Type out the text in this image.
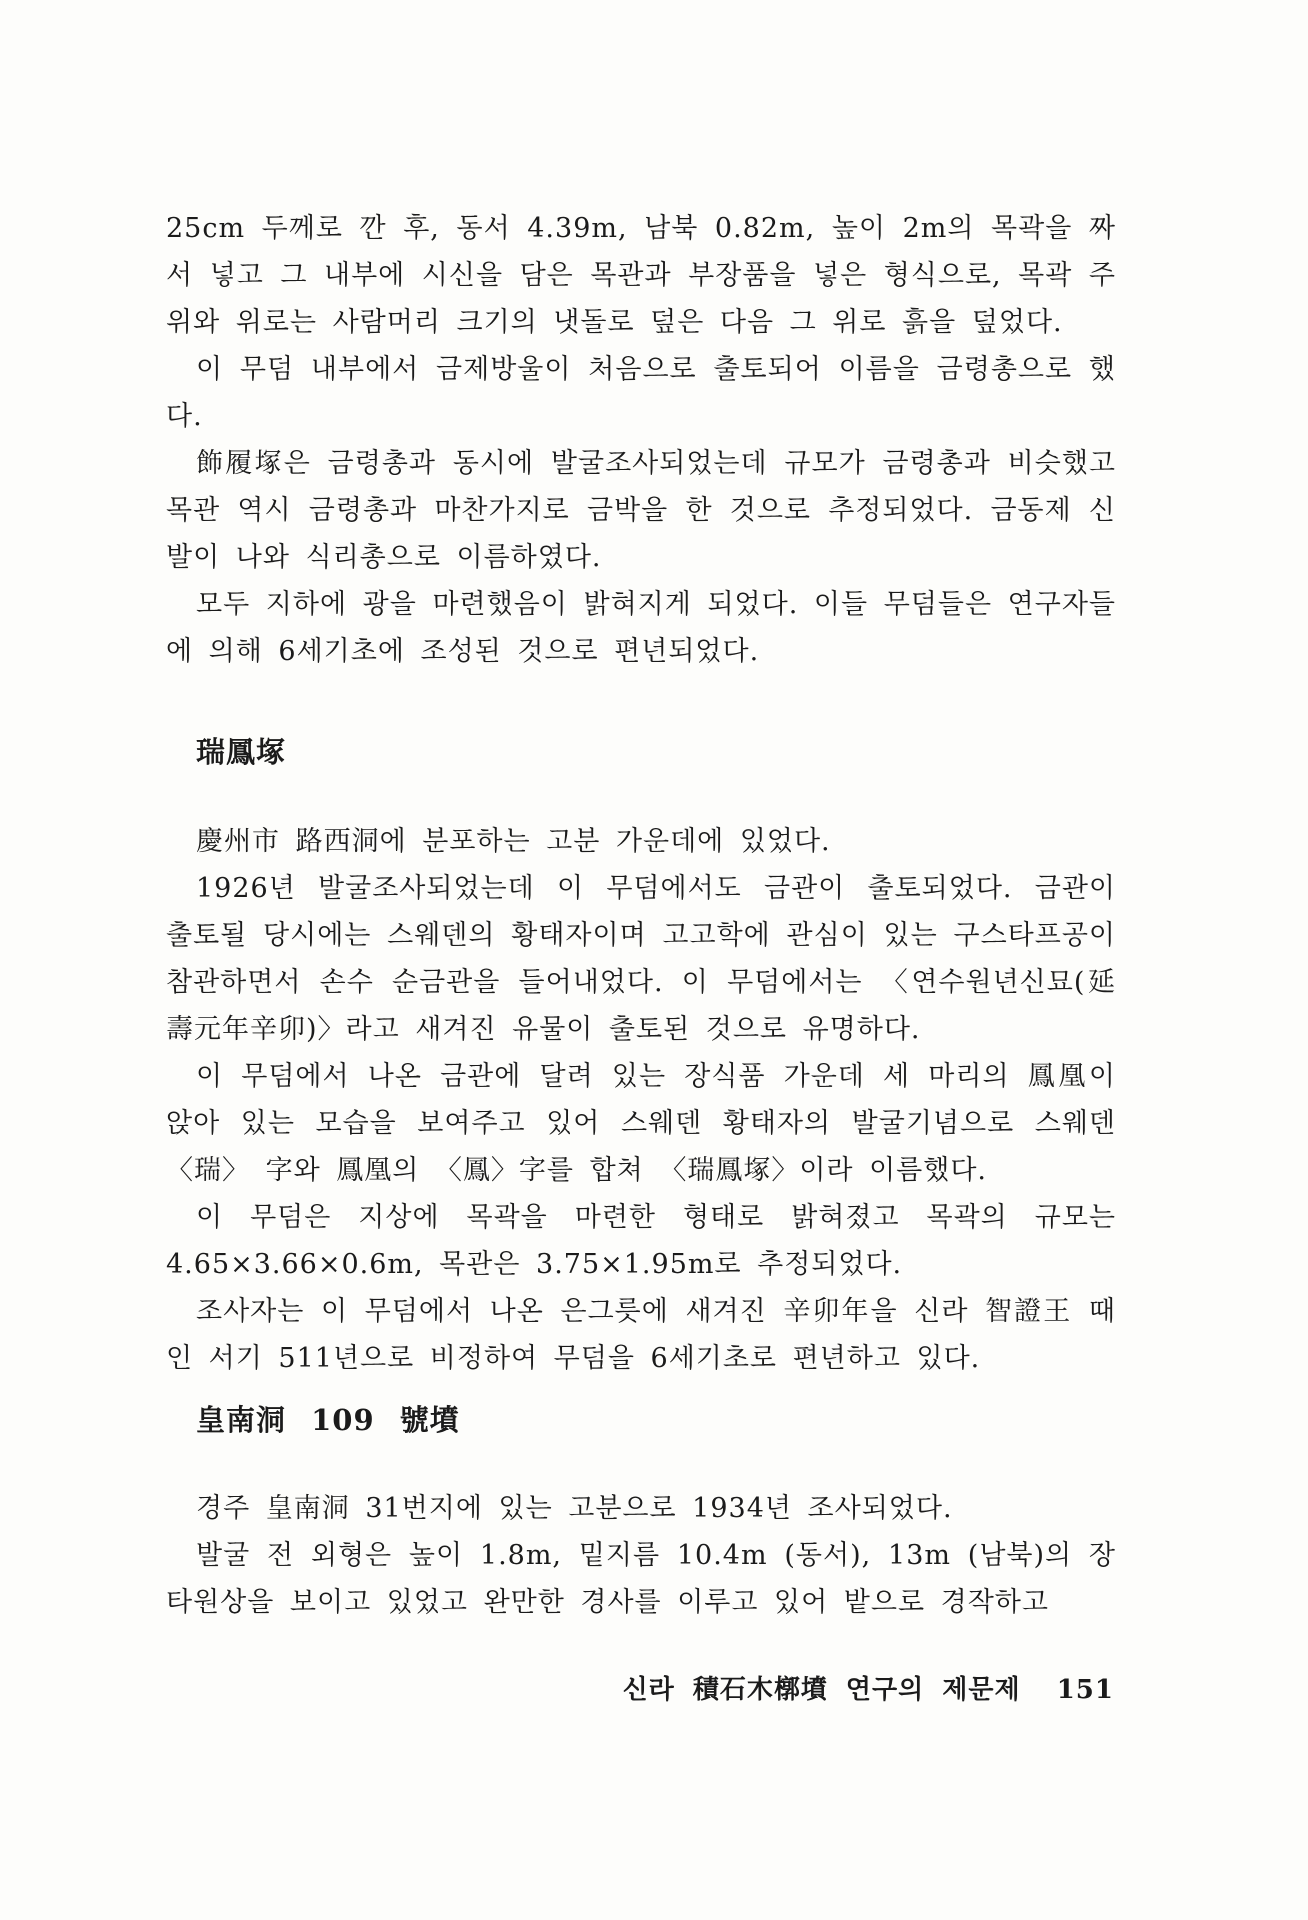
25cm 두께로 깐 후, 동서 4.39m, 남북 0.82m, 높이 2m의 목곽을 짜서 넣고 그 내부에 시신을 담은 목관과 부장품을 넣은 형식으로, 목곽 주위와 위로는 사람머리 크기의 냇돌로 덮은 다음 그 위로 흙을 덮었다.

이 무덤 내부에서 금제방울이 처음으로 출토되어 이름을 금령총으로 했다.

飾履塚은 금령총과 동시에 발굴조사되었는데 규모가 금령총과 비슷했고 목관 역시 금령총과 마찬가지로 금박을 한 것으로 추정되었다. 금동제 신발이 나와 식리총으로 이름하였다.

모두 지하에 광을 마련했음이 밝혀지게 되었다. 이들 무덤들은 연구자들에 의해 6세기초에 조성된 것으로 편년되었다.

瑞鳳塚

慶州市 路西洞에 분포하는 고분 가운데에 있었다.

1926년 발굴조사되었는데 이 무덤에서도 금관이 출토되었다. 금관이 출토될 당시에는 스웨덴의 황태자이며 고고학에 관심이 있는 구스타프공이 참관하면서 손수 순금관을 들어내었다. 이 무덤에서는 〈연수원년신묘(延壽元年辛卯)〉라고 새겨진 유물이 출토된 것으로 유명하다.

이 무덤에서 나온 금관에 달려 있는 장식품 가운데 세 마리의 鳳凰이 앉아 있는 모습을 보여주고 있어 스웨덴 황태자의 발굴기념으로 스웨덴 〈瑞〉 字와 鳳凰의 〈鳳〉字를 합쳐 〈瑞鳳塚〉이라 이름했다.

이 무덤은 지상에 목곽을 마련한 형태로 밝혀졌고 목곽의 규모는 4.65×3.66×0.6m, 목관은 3.75×1.95m로 추정되었다.

조사자는 이 무덤에서 나온 은그릇에 새겨진 辛卯年을 신라 智證王 때인 서기 511년으로 비정하여 무덤을 6세기초로 편년하고 있다.

皇南洞 109 號墳

경주 皇南洞 31번지에 있는 고분으로 1934년 조사되었다.

발굴 전 외형은 높이 1.8m, 밑지름 10.4m (동서), 13m (남북)의 장타원상을 보이고 있었고 완만한 경사를 이루고 있어 밭으로 경작하고

신라 積石木槨墳 연구의 제문제 151
